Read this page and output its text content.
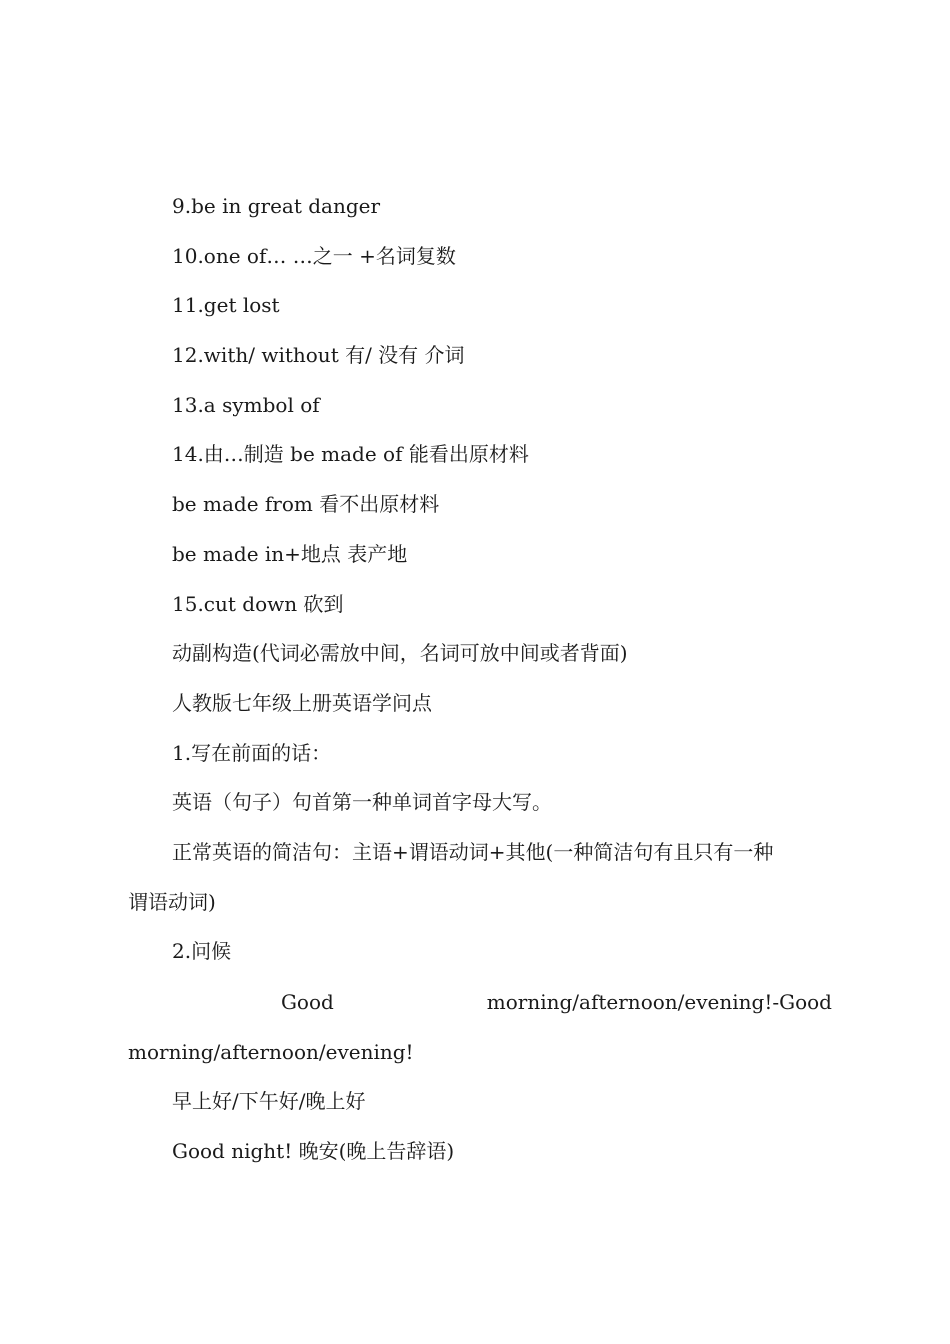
9.be in great danger
10.one of… …之一 +名词复数
11.get lost
12.with/ without 有/ 没有 介词
13.a symbol of
14.由…制造 be made of 能看出原材料
be made from 看不出原材料
be made in+地点 表产地
15.cut down 砍到
动副构造(代词必需放中间，名词可放中间或者背面)
人教版七年级上册英语学问点
1.写在前面的话：
英语（句子）句首第一种单词首字母大写。
正常英语的简洁句：主语+谓语动词+其他(一种简洁句有且只有一种
谓语动词)
2.问候
Good	morning/afternoon/evening!-Good
morning/afternoon/evening!
早上好/下午好/晚上好
Good night! 晚安(晚上告辞语)
